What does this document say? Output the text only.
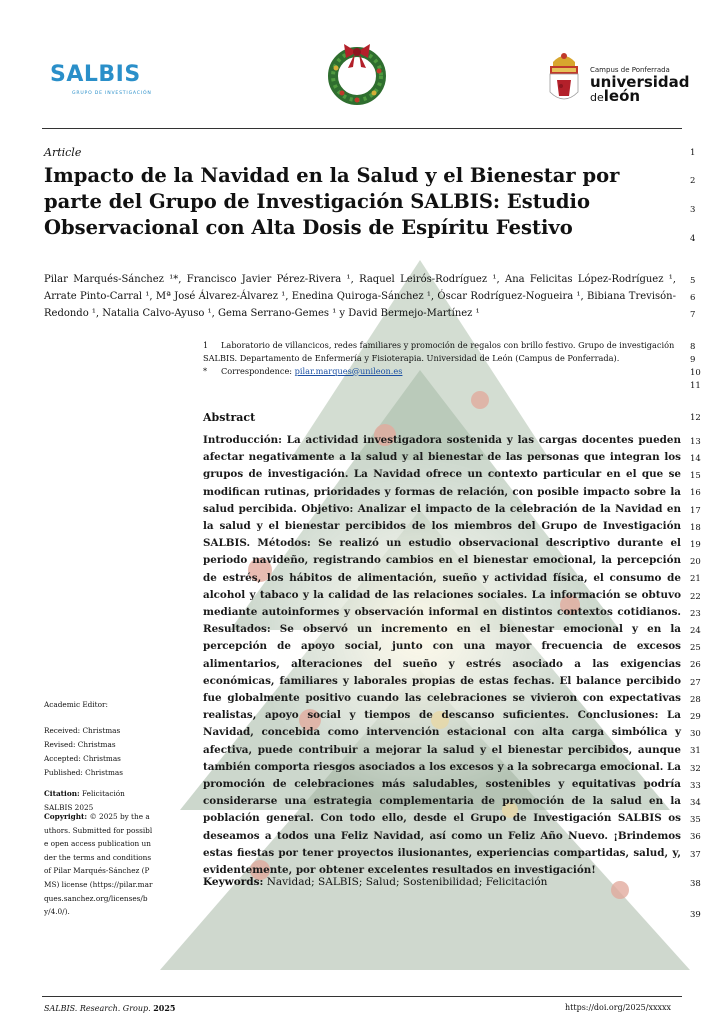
SALBIS
GRUPO DE INVESTIGACIÓN
Campus de Ponferrada
universidad
deleón
Article
Impacto de la Navidad en la Salud y el Bienestar por parte del Grupo de Investigación SALBIS: Estudio Observacional con Alta Dosis de Espíritu Festivo
Pilar Marqués-Sánchez ¹*, Francisco Javier Pérez-Rivera ¹, Raquel Leirós-Rodríguez ¹, Ana Felicitas López-Rodríguez ¹, Arrate Pinto-Carral ¹, Mª José Álvarez-Álvarez ¹, Enedina Quiroga-Sánchez ¹, Óscar Rodríguez-Nogueira ¹, Bibiana Trevisón-Redondo ¹, Natalia Calvo-Ayuso ¹, Gema Serrano-Gemes ¹ y David Bermejo-Martínez ¹
1 Laboratorio de villancicos, redes familiares y promoción de regalos con brillo festivo. Grupo de investigación SALBIS. Departamento de Enfermería y Fisioterapia. Universidad de León (Campus de Ponferrada).
* Correspondence: pilar.marques@unileon.es
Abstract
Introducción: La actividad investigadora sostenida y las cargas docentes pueden afectar negativamente a la salud y al bienestar de las personas que integran los grupos de investigación. La Navidad ofrece un contexto particular en el que se modifican rutinas, prioridades y formas de relación, con posible impacto sobre la salud percibida. Objetivo: Analizar el impacto de la celebración de la Navidad en la salud y el bienestar percibidos de los miembros del Grupo de Investigación SALBIS. Métodos: Se realizó un estudio observacional descriptivo durante el periodo navideño, registrando cambios en el bienestar emocional, la percepción de estrés, los hábitos de alimentación, sueño y actividad física, el consumo de alcohol y tabaco y la calidad de las relaciones sociales. La información se obtuvo mediante autoinformes y observación informal en distintos contextos cotidianos. Resultados: Se observó un incremento en el bienestar emocional y en la percepción de apoyo social, junto con una mayor frecuencia de excesos alimentarios, alteraciones del sueño y estrés asociado a las exigencias económicas, familiares y laborales propias de estas fechas. El balance percibido fue globalmente positivo cuando las celebraciones se vivieron con expectativas realistas, apoyo social y tiempos de descanso suficientes. Conclusiones: La Navidad, concebida como intervención estacional con alta carga simbólica y afectiva, puede contribuir a mejorar la salud y el bienestar percibidos, aunque también comporta riesgos asociados a los excesos y a la sobrecarga emocional. La promoción de celebraciones más saludables, sostenibles y equitativas podría considerarse una estrategia complementaria de promoción de la salud en la población general. Con todo ello, desde el Grupo de Investigación SALBIS os deseamos a todos una Feliz Navidad, así como un Feliz Año Nuevo. ¡Brindemos estas fiestas por tener proyectos ilusionantes, experiencias compartidas, salud, y, evidentemente, por obtener excelentes resultados en investigación!
Keywords: Navidad; SALBIS; Salud; Sostenibilidad; Felicitación
1
2
3
4
5
6
7
8
9
10
11
12
13
14
15
16
17
18
19
20
21
22
23
24
25
26
27
28
29
30
31
32
33
34
35
36
37
38
39
Academic Editor:
Received: Christmas
Revised: Christmas
Accepted: Christmas
Published: Christmas
Citation: Felicitación SALBIS 2025
Copyright: © 2025 by the authors. Submitted for possible open access publication under the terms and conditions of Pilar Marqués-Sánchez (PMS) license (https://pilar.marques.sanchez.org/licenses/by/4.0/).
SALBIS. Research. Group. 2025	https://doi.org/2025/xxxxx
